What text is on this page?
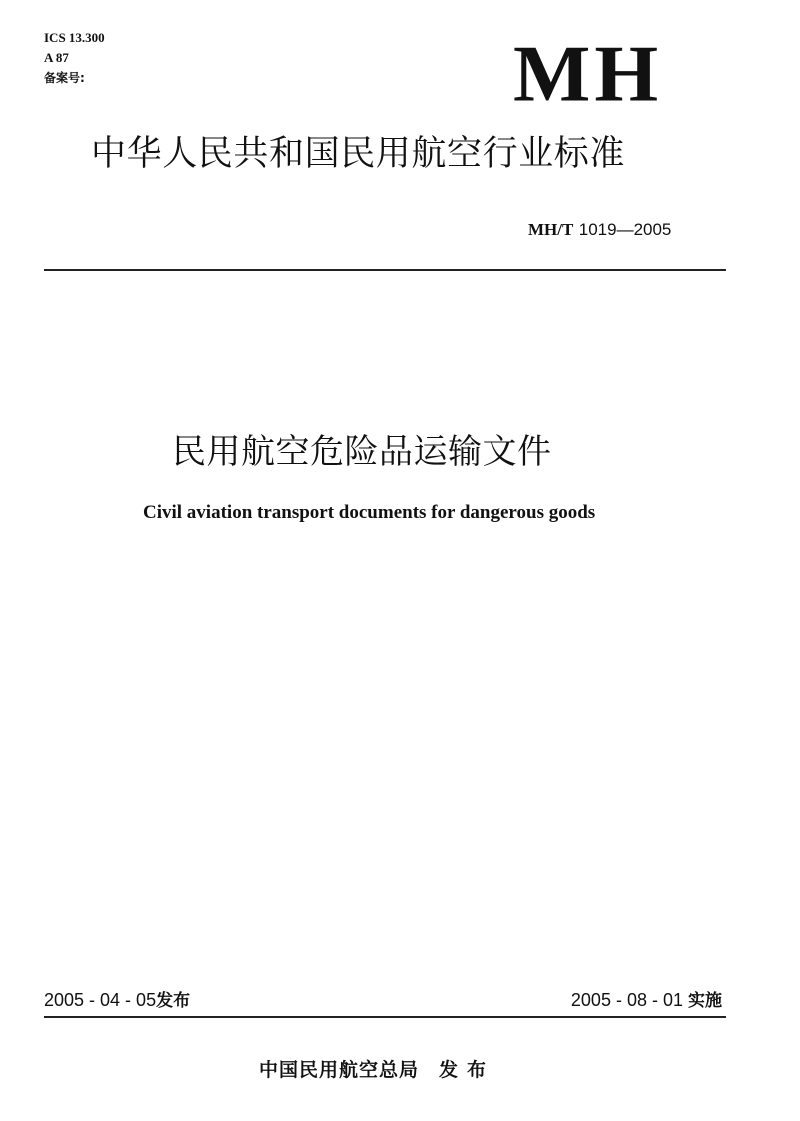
ICS 13.300
A 87
备案号:	MH
中华人民共和国民用航空行业标准
MH/T 1019—2005
民用航空危险品运输文件
Civil aviation transport documents for dangerous goods
2005 - 04 - 05发布	2005 - 08 - 01 实施
中国民用航空总局 发布
